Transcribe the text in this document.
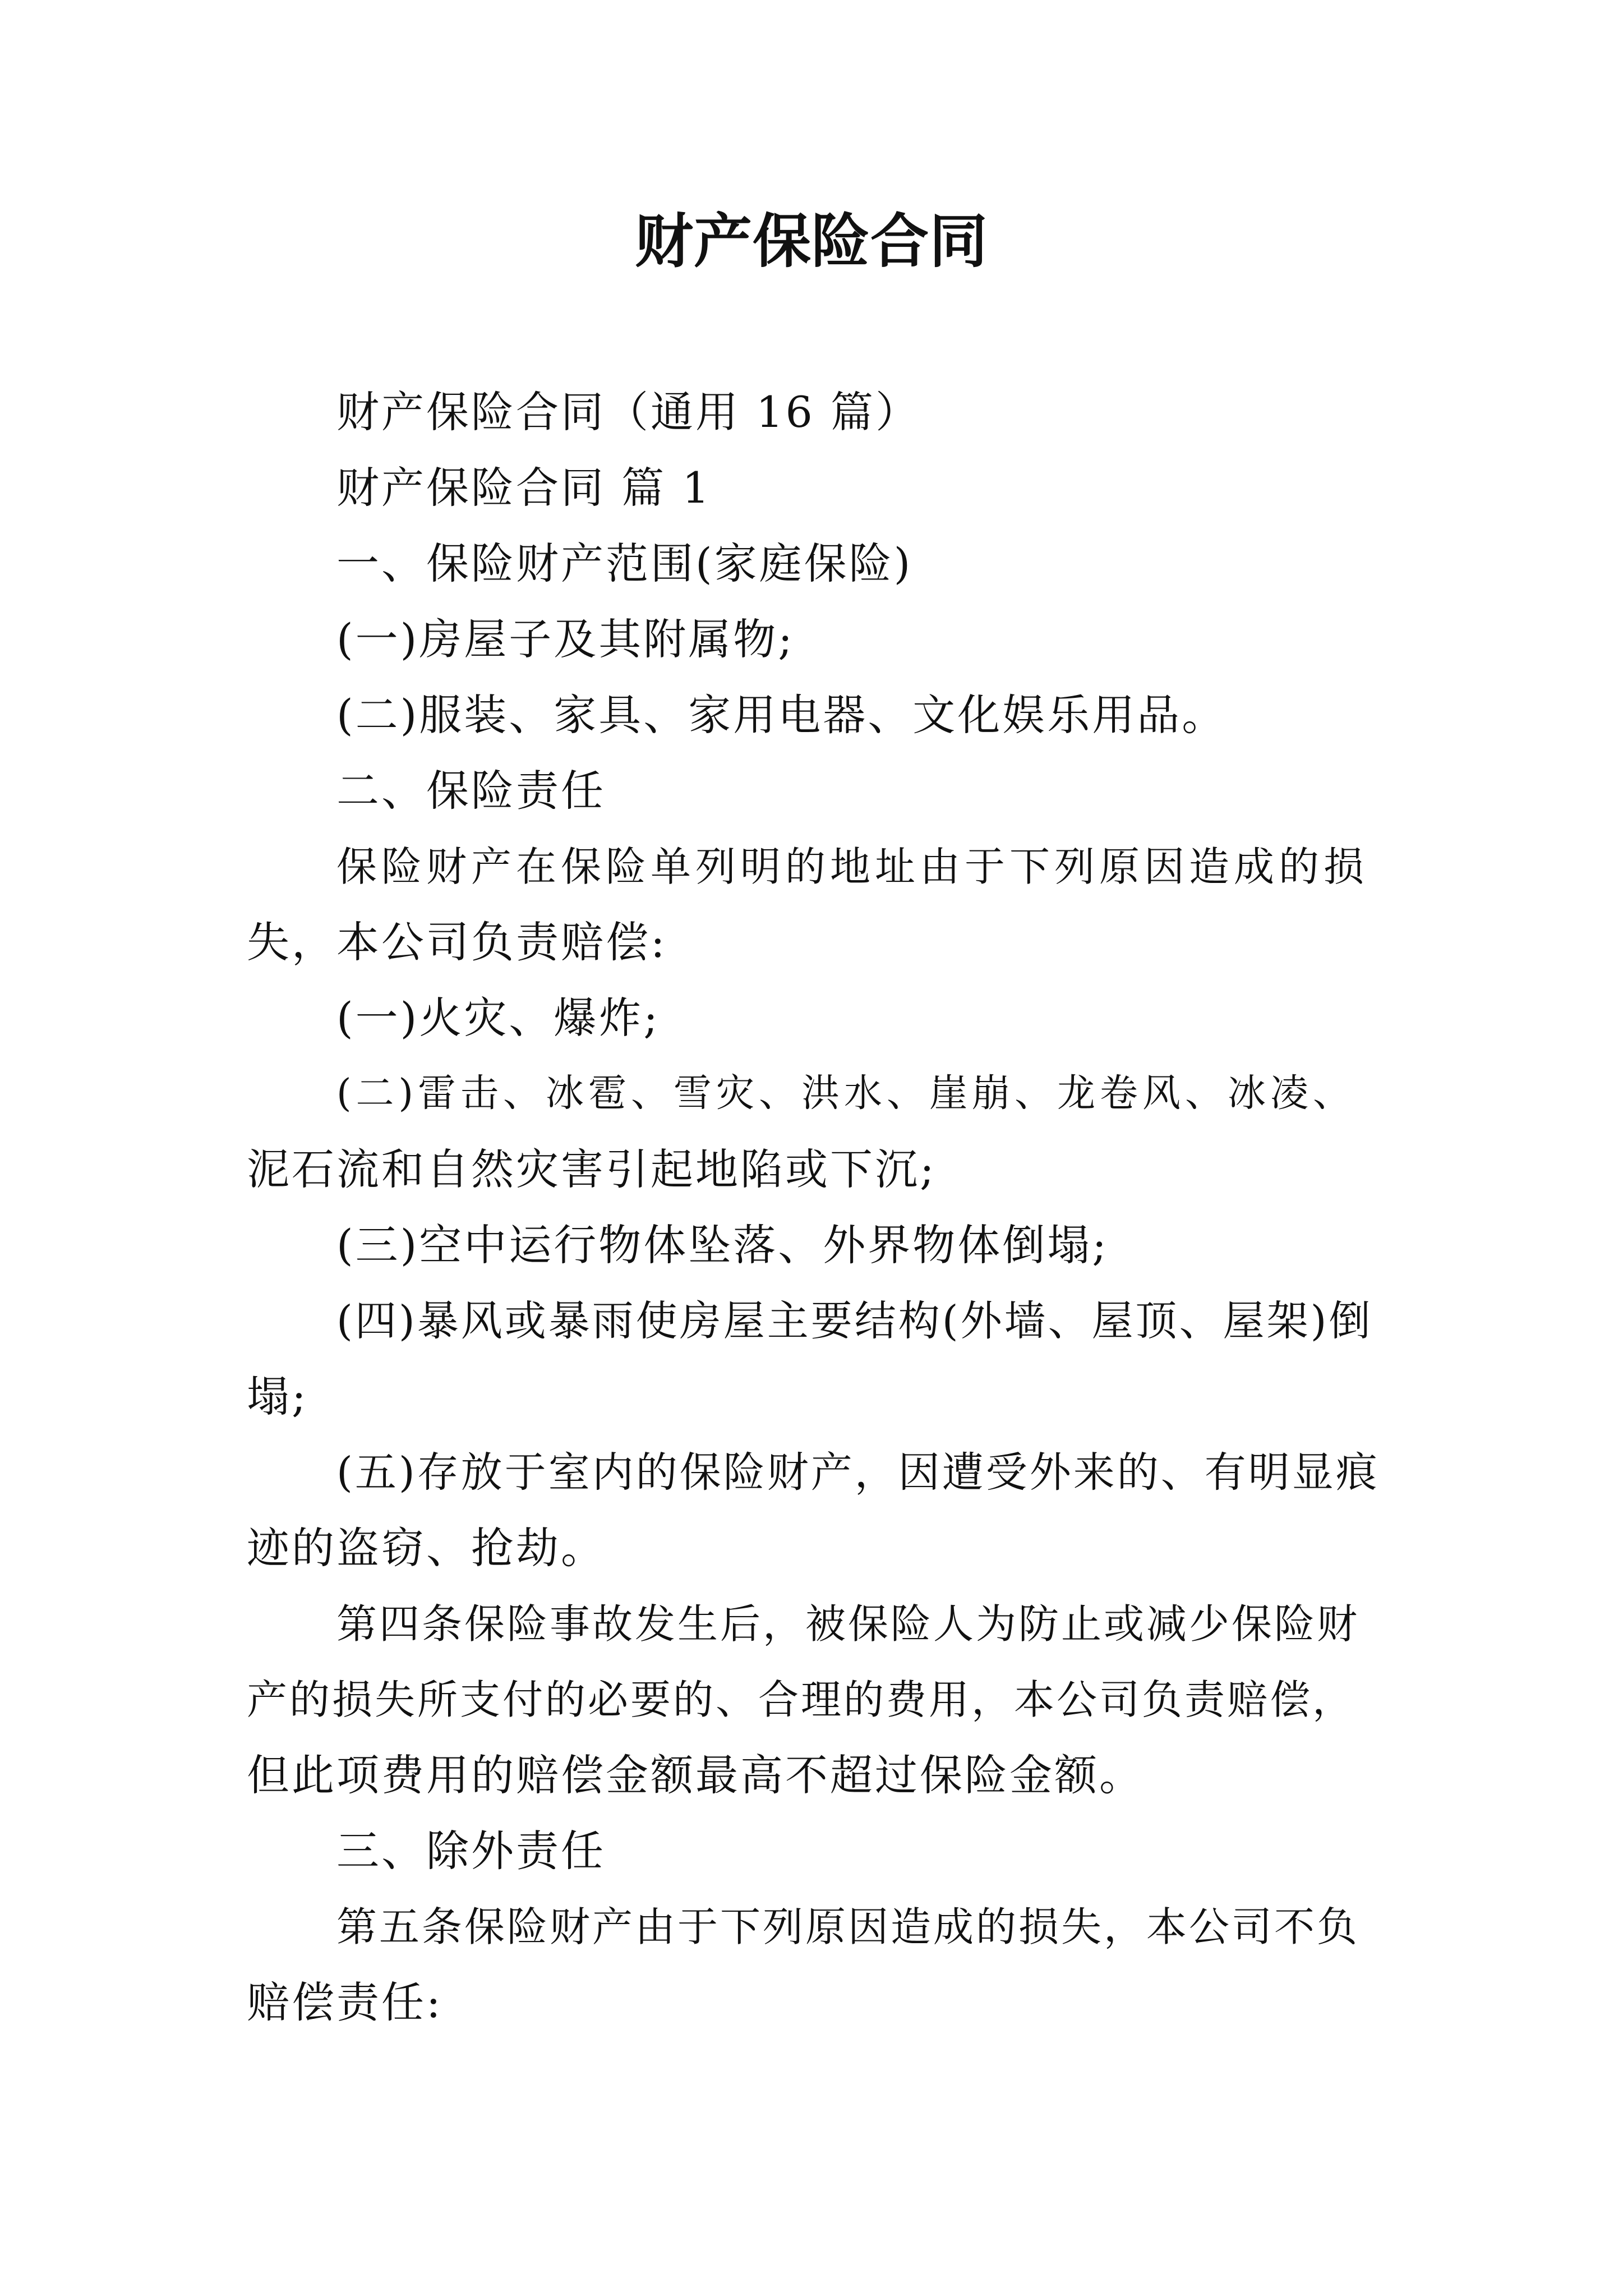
财产保险合同
财产保险合同（通用 16 篇）
财产保险合同 篇 1
一、保险财产范围(家庭保险)
(一)房屋子及其附属物;
(二)服装、家具、家用电器、文化娱乐用品。
二、保险责任
保险财产在保险单列明的地址由于下列原因造成的损
失，本公司负责赔偿:
(一)火灾、爆炸;
(二)雷击、冰雹、雪灾、洪水、崖崩、龙卷风、冰凌、
泥石流和自然灾害引起地陷或下沉;
(三)空中运行物体坠落、外界物体倒塌;
(四)暴风或暴雨使房屋主要结构(外墙、屋顶、屋架)倒
塌;
(五)存放于室内的保险财产，因遭受外来的、有明显痕
迹的盗窃、抢劫。
第四条保险事故发生后，被保险人为防止或减少保险财
产的损失所支付的必要的、合理的费用，本公司负责赔偿，
但此项费用的赔偿金额最高不超过保险金额。
三、除外责任
第五条保险财产由于下列原因造成的损失，本公司不负
赔偿责任:
